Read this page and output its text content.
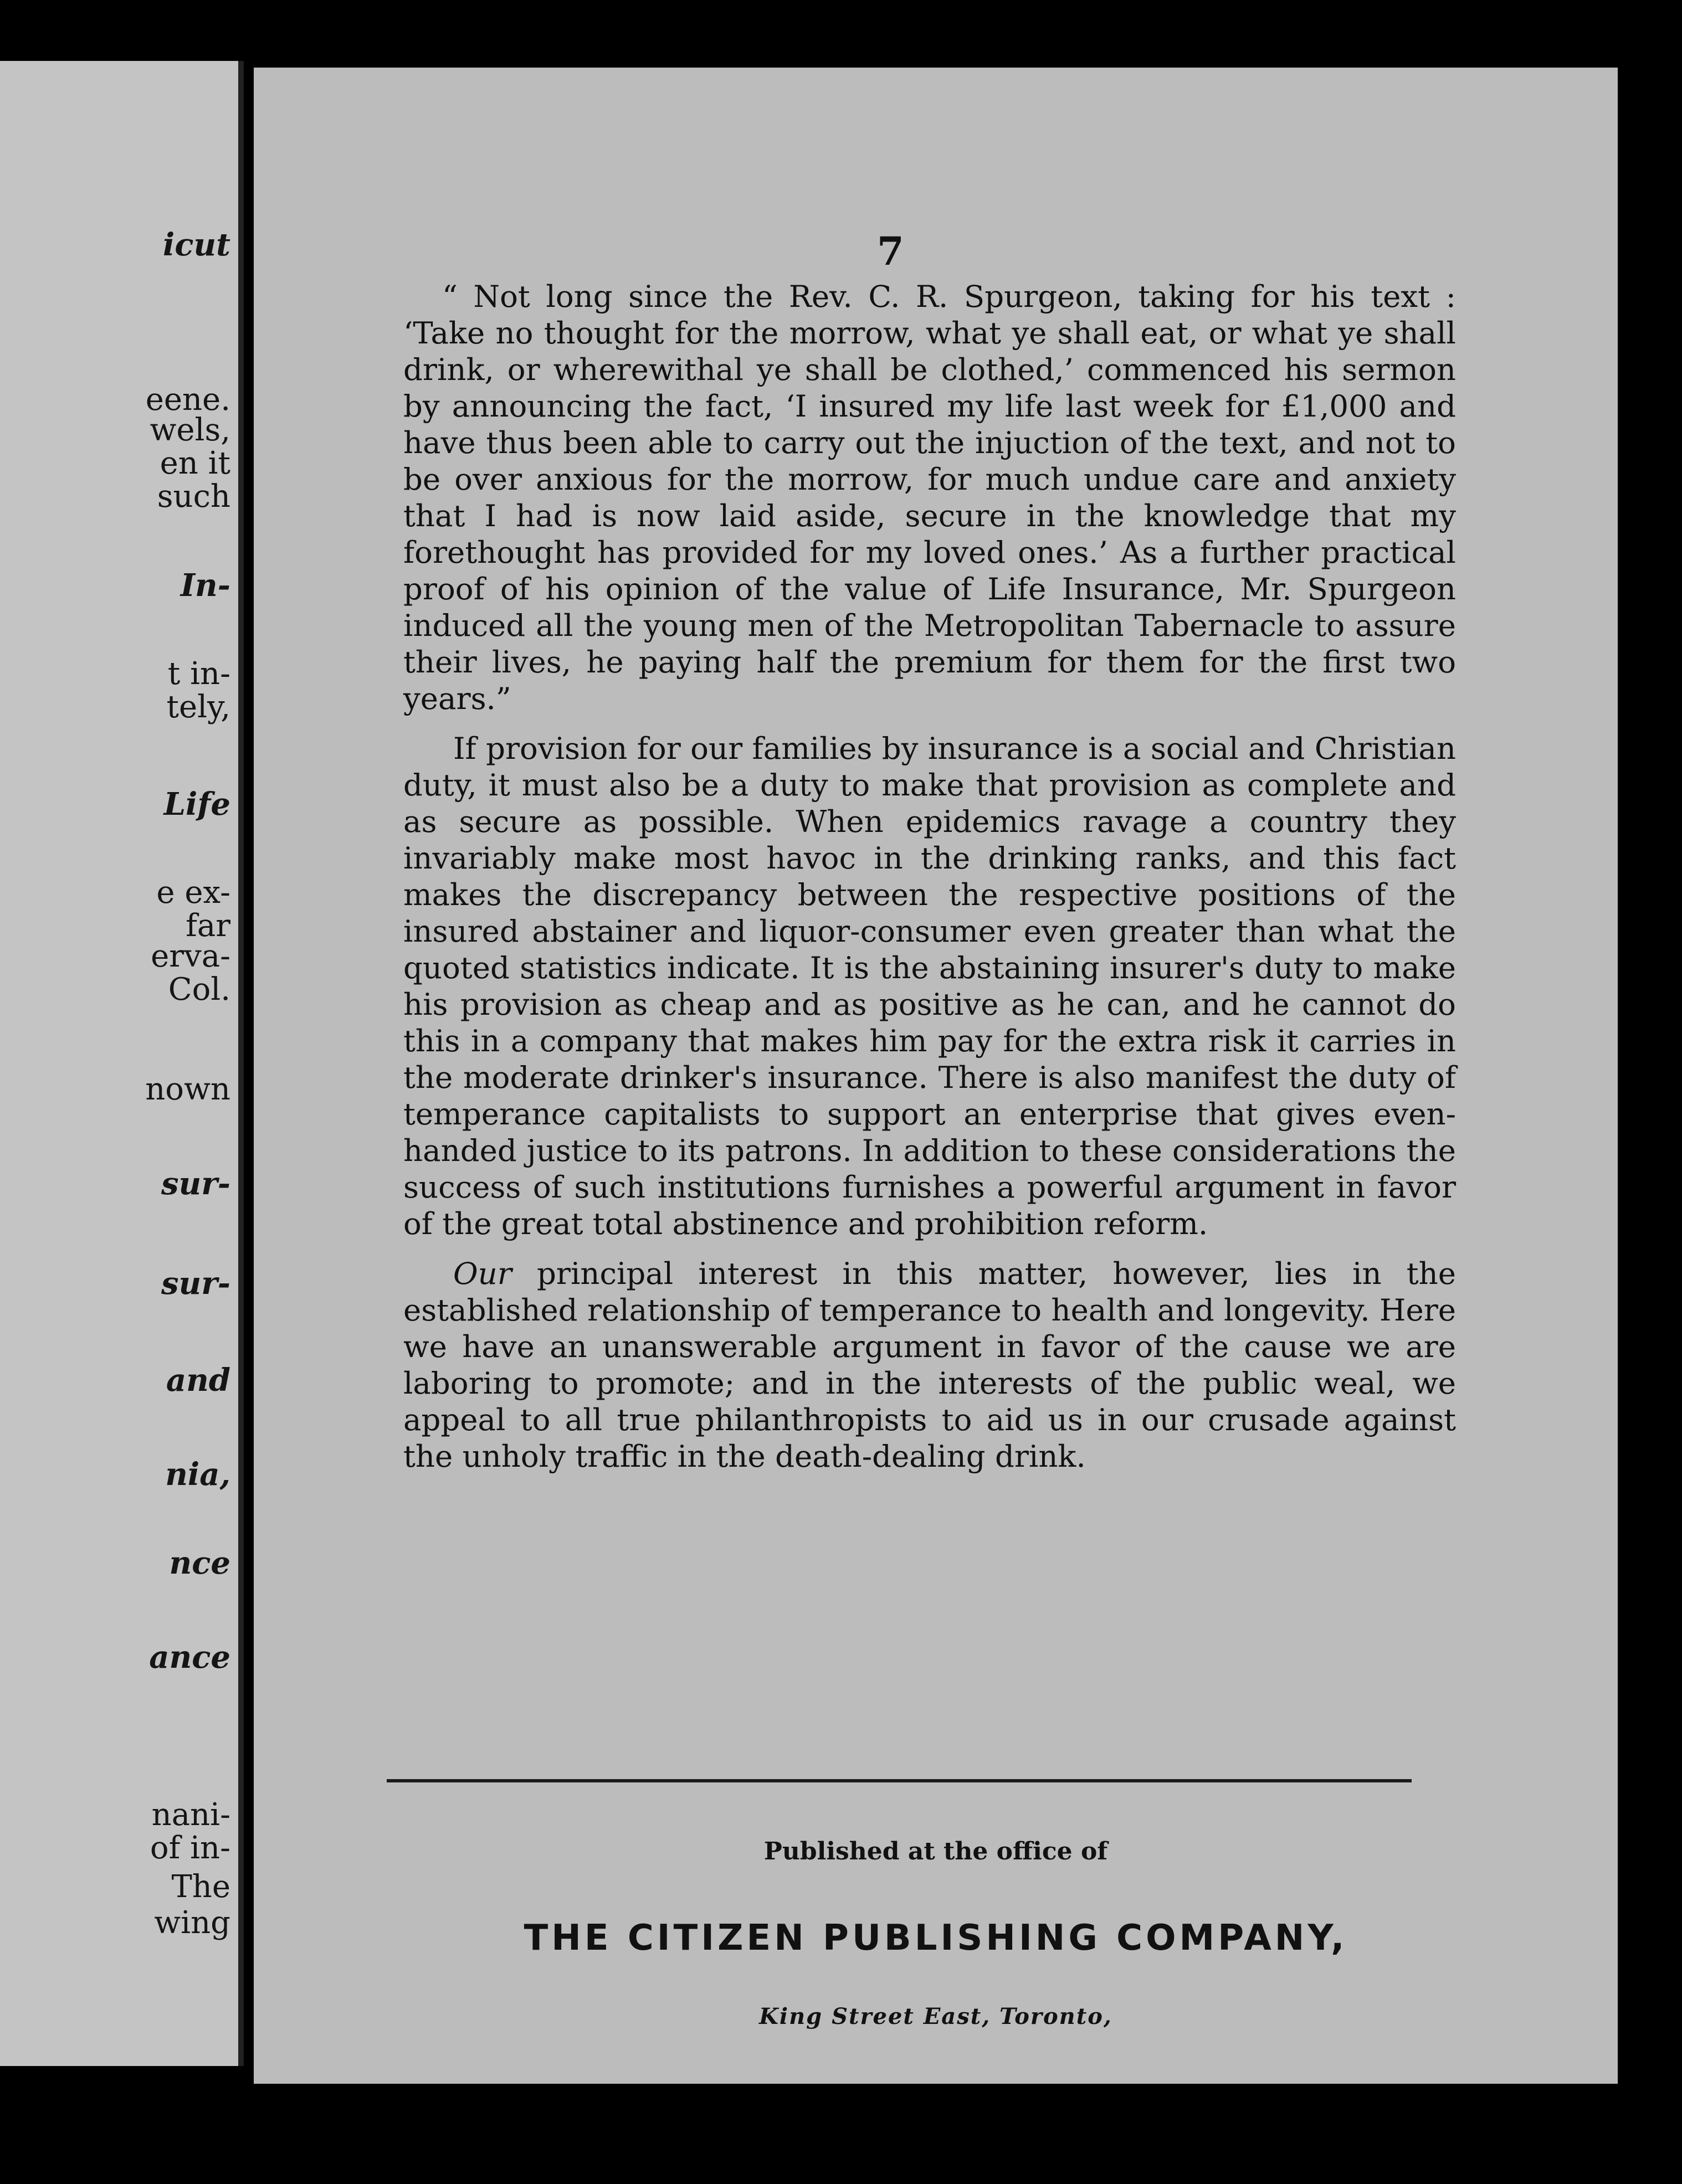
icut

eene.

wels,

en it

such

In-

t in-

tely,

Life

e ex-

far

erva-

Col.

nown

sur-

sur-

and

nia,

nce

ance

nani-

of in-

The

wing

7

“ Not long since the Rev. C. R. Spurgeon, taking for his text : ‘Take no thought for the morrow, what ye shall eat, or what ye shall drink, or wherewithal ye shall be clothed,’ commenced his sermon by announcing the fact, ‘I insured my life last week for £1,000 and have thus been able to carry out the injuction of the text, and not to be over anxious for the morrow, for much undue care and anxiety that I had is now laid aside, secure in the knowledge that my forethought has provided for my loved ones.’ As a further practical proof of his opinion of the value of Life Insurance, Mr. Spurgeon induced all the young men of the Metropolitan Tabernacle to assure their lives, he paying half the premium for them for the first two years.”

If provision for our families by insurance is a social and Christian duty, it must also be a duty to make that provision as complete and as secure as possible. When epidemics ravage a country they invariably make most havoc in the drinking ranks, and this fact makes the discrepancy between the respective positions of the insured abstainer and liquor-consumer even greater than what the quoted statistics indicate. It is the abstaining insurer's duty to make his provision as cheap and as positive as he can, and he cannot do this in a company that makes him pay for the extra risk it carries in the moderate drinker's insurance. There is also manifest the duty of temperance capitalists to support an enterprise that gives even-handed justice to its patrons. In addition to these considerations the success of such institutions furnishes a powerful argument in favor of the great total abstinence and prohibition reform.

Our principal interest in this matter, however, lies in the established relationship of temperance to health and longevity. Here we have an unanswerable argument in favor of the cause we are laboring to promote; and in the interests of the public weal, we appeal to all true philanthropists to aid us in our crusade against the unholy traffic in the death-dealing drink.

Published at the office of

THE CITIZEN PUBLISHING COMPANY,

King Street East, Toronto,
